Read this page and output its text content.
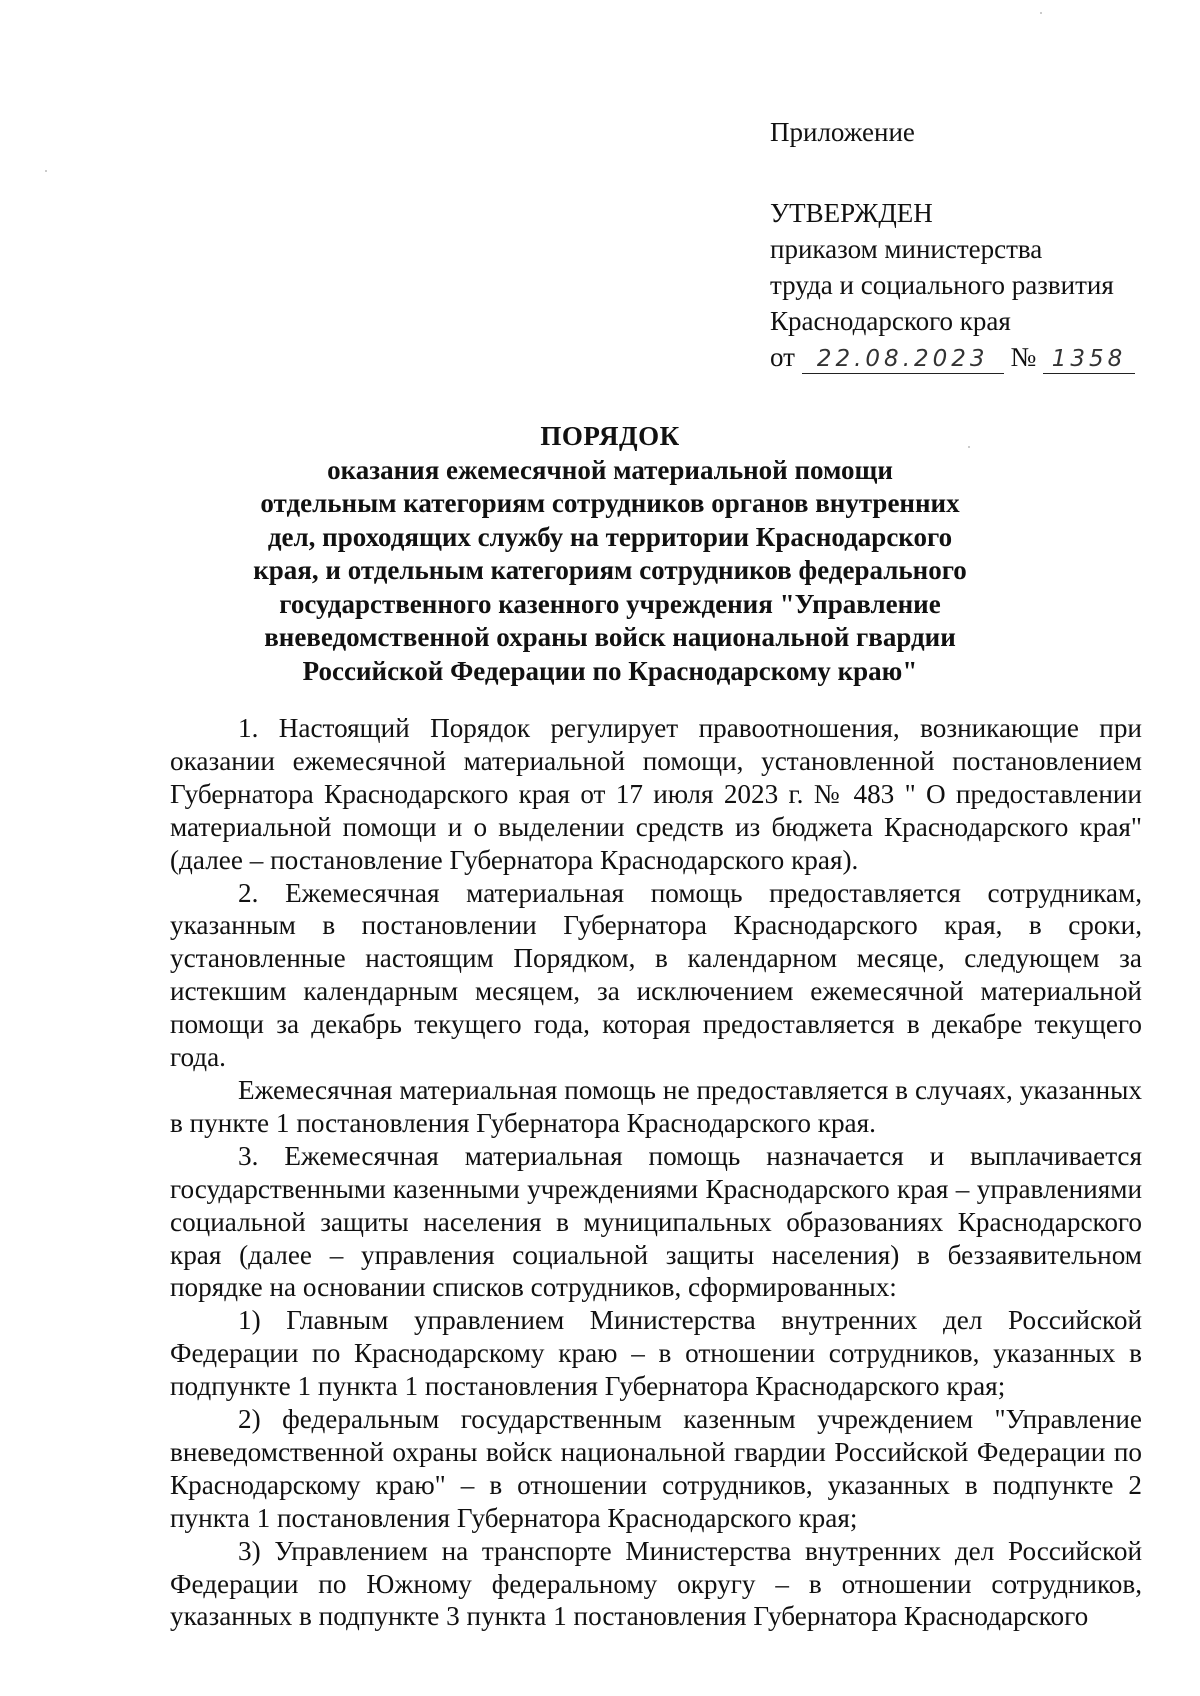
Приложение
УТВЕРЖДЕН
приказом министерства
труда и социального развития
Краснодарского края
от 22.08.2023 № 1358
ПОРЯДОК
оказания ежемесячной материальной помощи
отдельным категориям сотрудников органов внутренних
дел, проходящих службу на территории Краснодарского
края, и отдельным категориям сотрудников федерального
государственного казенного учреждения "Управление
вневедомственной охраны войск национальной гвардии
Российской Федерации по Краснодарскому краю"

1. Настоящий Порядок регулирует правоотношения, возникающие при оказании ежемесячной материальной помощи, установленной постановлением Губернатора Краснодарского края от 17 июля 2023 г. № 483 " О предоставлении материальной помощи и о выделении средств из бюджета Краснодарского края" (далее – постановление Губернатора Краснодарского края).

2. Ежемесячная материальная помощь предоставляется сотрудникам, указанным в постановлении Губернатора Краснодарского края, в сроки, установленные настоящим Порядком, в календарном месяце, следующем за истекшим календарным месяцем, за исключением ежемесячной материальной помощи за декабрь текущего года, которая предоставляется в декабре текущего года.

Ежемесячная материальная помощь не предоставляется в случаях, указанных в пункте 1 постановления Губернатора Краснодарского края.

3. Ежемесячная материальная помощь назначается и выплачивается государственными казенными учреждениями Краснодарского края – управлениями социальной защиты населения в муниципальных образованиях Краснодарского края (далее – управления социальной защиты населения) в беззаявительном порядке на основании списков сотрудников, сформированных:

1) Главным управлением Министерства внутренних дел Российской Федерации по Краснодарскому краю – в отношении сотрудников, указанных в подпункте 1 пункта 1 постановления Губернатора Краснодарского края;

2) федеральным государственным казенным учреждением "Управление вневедомственной охраны войск национальной гвардии Российской Федерации по Краснодарскому краю" – в отношении сотрудников, указанных в подпункте 2 пункта 1 постановления Губернатора Краснодарского края;

3) Управлением на транспорте Министерства внутренних дел Российской Федерации по Южному федеральному округу – в отношении сотрудников, указанных в подпункте 3 пункта 1 постановления Губернатора Краснодарского
